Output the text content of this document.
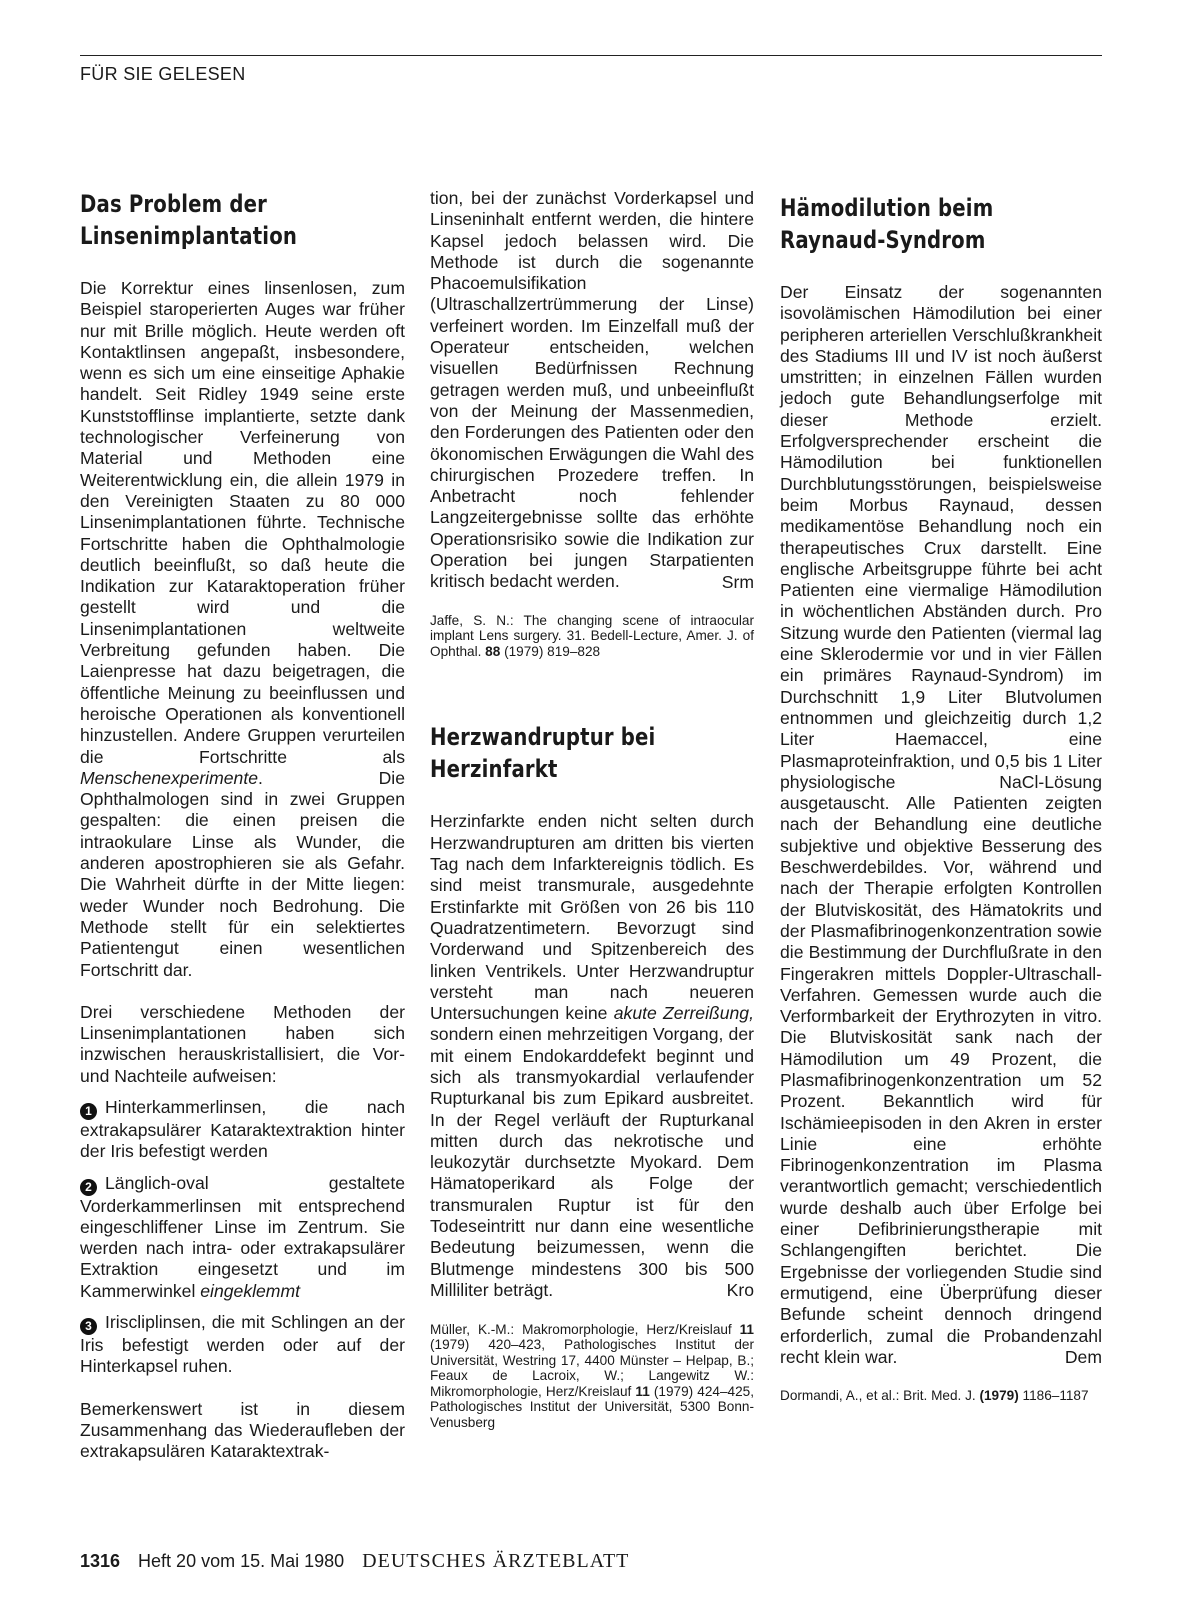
FÜR SIE GELESEN
Das Problem der
Linsenimplantation

Die Korrektur eines linsenlosen, zum Beispiel staroperierten Auges war früher nur mit Brille möglich. Heute werden oft Kontaktlinsen angepaßt, insbesondere, wenn es sich um eine einseitige Aphakie handelt. Seit Ridley 1949 seine erste Kunststofflinse implantierte, setzte dank technologischer Verfeinerung von Material und Methoden eine Weiterentwicklung ein, die allein 1979 in den Vereinigten Staaten zu 80 000 Linsenimplantationen führte. Technische Fortschritte haben die Ophthalmologie deutlich beeinflußt, so daß heute die Indikation zur Kataraktoperation früher gestellt wird und die Linsenimplantationen weltweite Verbreitung gefunden haben. Die Laienpresse hat dazu beigetragen, die öffentliche Meinung zu beeinflussen und heroische Operationen als konventionell hinzustellen. Andere Gruppen verurteilen die Fortschritte als Menschenexperimente. Die Ophthalmologen sind in zwei Gruppen gespalten: die einen preisen die intraokulare Linse als Wunder, die anderen apostrophieren sie als Gefahr. Die Wahrheit dürfte in der Mitte liegen: weder Wunder noch Bedrohung. Die Methode stellt für ein selektiertes Patientengut einen wesentlichen Fortschritt dar.

Drei verschiedene Methoden der Linsenimplantationen haben sich inzwischen herauskristallisiert, die Vor- und Nachteile aufweisen:

1 Hinterkammerlinsen, die nach extrakapsulärer Kataraktextraktion hinter der Iris befestigt werden
2 Länglich-oval gestaltete Vorderkammerlinsen mit entsprechend eingeschliffener Linse im Zentrum. Sie werden nach intra- oder extrakapsulärer Extraktion eingesetzt und im Kammerwinkel eingeklemmt
3 Iriscliplinsen, die mit Schlingen an der Iris befestigt werden oder auf der Hinterkapsel ruhen.

Bemerkenswert ist in diesem Zusammenhang das Wiederaufleben der extrakapsulären Kataraktextrak-

tion, bei der zunächst Vorderkapsel und Linseninhalt entfernt werden, die hintere Kapsel jedoch belassen wird. Die Methode ist durch die sogenannte Phacoemulsifikation (Ultraschallzertrümmerung der Linse) verfeinert worden. Im Einzelfall muß der Operateur entscheiden, welchen visuellen Bedürfnissen Rechnung getragen werden muß, und unbeeinflußt von der Meinung der Massenmedien, den Forderungen des Patienten oder den ökonomischen Erwägungen die Wahl des chirurgischen Prozedere treffen. In Anbetracht noch fehlender Langzeitergebnisse sollte das erhöhte Operationsrisiko sowie die Indikation zur Operation bei jungen Starpatienten kritisch bedacht werden.	Srm

Jaffe, S. N.: The changing scene of intraocular implant Lens surgery. 31. Bedell-Lecture, Amer. J. of Ophthal. 88 (1979) 819–828

Herzwandruptur bei
Herzinfarkt

Herzinfarkte enden nicht selten durch Herzwandrupturen am dritten bis vierten Tag nach dem Infarktereignis tödlich. Es sind meist transmurale, ausgedehnte Erstinfarkte mit Größen von 26 bis 110 Quadratzentimetern. Bevorzugt sind Vorderwand und Spitzenbereich des linken Ventrikels. Unter Herzwandruptur versteht man nach neueren Untersuchungen keine akute Zerreißung, sondern einen mehrzeitigen Vorgang, der mit einem Endokarddefekt beginnt und sich als transmyokardial verlaufender Rupturkanal bis zum Epikard ausbreitet. In der Regel verläuft der Rupturkanal mitten durch das nekrotische und leukozytär durchsetzte Myokard. Dem Hämatoperikard als Folge der transmuralen Ruptur ist für den Todeseintritt nur dann eine wesentliche Bedeutung beizumessen, wenn die Blutmenge mindestens 300 bis 500 Milliliter beträgt.	Kro

Müller, K.-M.: Makromorphologie, Herz/Kreislauf 11 (1979) 420–423, Pathologisches Institut der Universität, Westring 17, 4400 Münster – Helpap, B.; Feaux de Lacroix, W.; Langewitz W.: Mikromorphologie, Herz/Kreislauf 11 (1979) 424–425, Pathologisches Institut der Universität, 5300 Bonn-Venusberg

Hämodilution beim
Raynaud-Syndrom

Der Einsatz der sogenannten isovolämischen Hämodilution bei einer peripheren arteriellen Verschlußkrankheit des Stadiums III und IV ist noch äußerst umstritten; in einzelnen Fällen wurden jedoch gute Behandlungserfolge mit dieser Methode erzielt. Erfolgversprechender erscheint die Hämodilution bei funktionellen Durchblutungsstörungen, beispielsweise beim Morbus Raynaud, dessen medikamentöse Behandlung noch ein therapeutisches Crux darstellt. Eine englische Arbeitsgruppe führte bei acht Patienten eine viermalige Hämodilution in wöchentlichen Abständen durch. Pro Sitzung wurde den Patienten (viermal lag eine Sklerodermie vor und in vier Fällen ein primäres Raynaud-Syndrom) im Durchschnitt 1,9 Liter Blutvolumen entnommen und gleichzeitig durch 1,2 Liter Haemaccel, eine Plasmaproteinfraktion, und 0,5 bis 1 Liter physiologische NaCl-Lösung ausgetauscht. Alle Patienten zeigten nach der Behandlung eine deutliche subjektive und objektive Besserung des Beschwerdebildes. Vor, während und nach der Therapie erfolgten Kontrollen der Blutviskosität, des Hämatokrits und der Plasmafibrinogenkonzentration sowie die Bestimmung der Durchflußrate in den Fingerakren mittels Doppler-Ultraschall-Verfahren. Gemessen wurde auch die Verformbarkeit der Erythrozyten in vitro. Die Blutviskosität sank nach der Hämodilution um 49 Prozent, die Plasmafibrinogenkonzentration um 52 Prozent. Bekanntlich wird für Ischämieepisoden in den Akren in erster Linie eine erhöhte Fibrinogenkonzentration im Plasma verantwortlich gemacht; verschiedentlich wurde deshalb auch über Erfolge bei einer Defibrinierungstherapie mit Schlangengiften berichtet. Die Ergebnisse der vorliegenden Studie sind ermutigend, eine Überprüfung dieser Befunde scheint dennoch dringend erforderlich, zumal die Probandenzahl recht klein war.	Dem

Dormandi, A., et al.: Brit. Med. J. (1979) 1186–1187

1316 Heft 20 vom 15. Mai 1980 DEUTSCHES ÄRZTEBLATT
